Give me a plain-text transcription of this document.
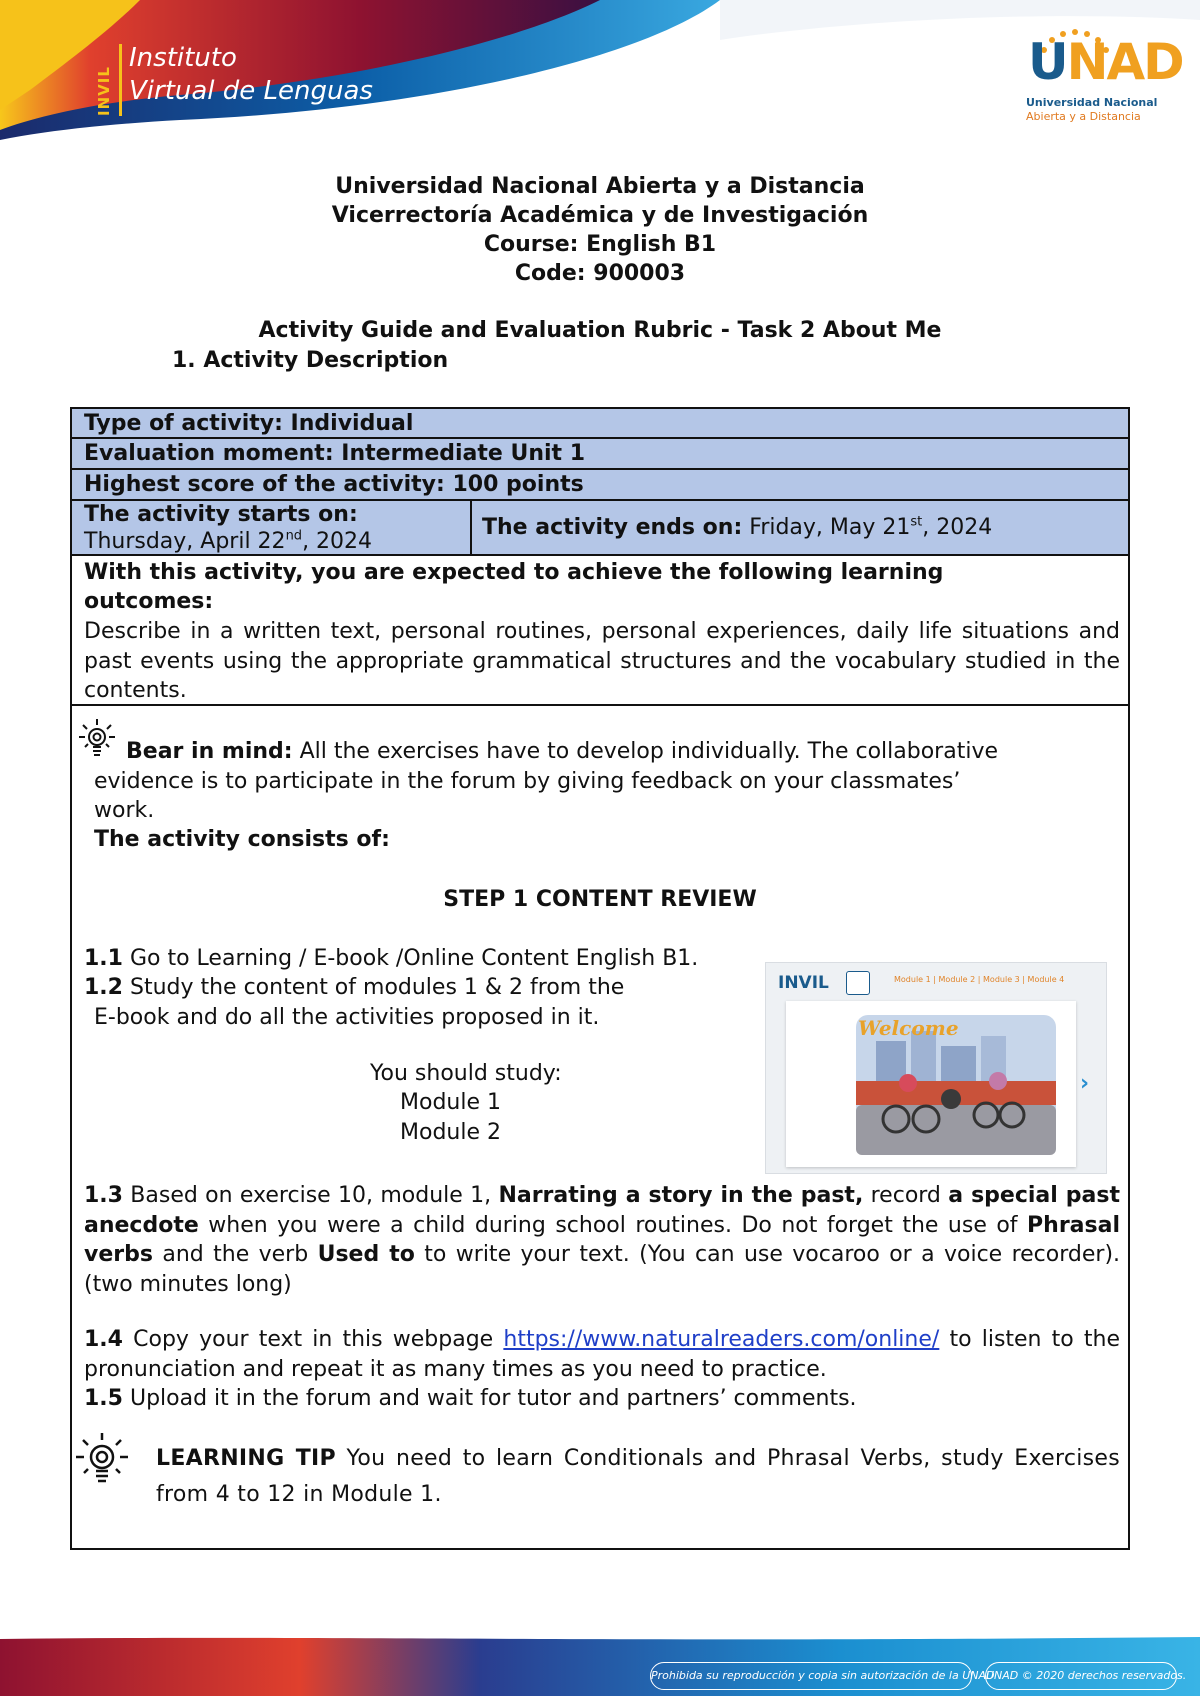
INVIL
Instituto
Virtual de Lenguas	UNAD
Universidad Nacional
Abierta y a Distancia
Universidad Nacional Abierta y a Distancia
Vicerrectoría Académica y de Investigación
Course: English B1
Code: 900003
Activity Guide and Evaluation Rubric - Task 2 About Me
1. Activity Description
Type of activity: Individual
Evaluation moment: Intermediate Unit 1
Highest score of the activity: 100 points
The activity starts on:
Thursday, April 22nd, 2024
The activity ends on: Friday, May 21st, 2024
With this activity, you are expected to achieve the following learning
outcomes:
Describe in a written text, personal routines, personal experiences, daily life situations and past events using the appropriate grammatical structures and the vocabulary studied in the contents.
Bear in mind: All the exercises have to develop individually. The collaborative
evidence is to participate in the forum by giving feedback on your classmates’
work.
The activity consists of:
STEP 1 CONTENT REVIEW
1.1 Go to Learning / E-book /Online Content English B1.
1.2 Study the content of modules 1 & 2 from the
E-book and do all the activities proposed in it.
You should study:
Module 1
Module 2
1.3 Based on exercise 10, module 1, Narrating a story in the past, record a special past anecdote when you were a child during school routines. Do not forget the use of Phrasal verbs and the verb Used to to write your text. (You can use vocaroo or a voice recorder). (two minutes long)
1.4 Copy your text in this webpage https://www.naturalreaders.com/online/ to listen to the pronunciation and repeat it as many times as you need to practice.
1.5 Upload it in the forum and wait for tutor and partners’ comments.
LEARNING TIP You need to learn Conditionals and Phrasal Verbs, study Exercises from 4 to 12 in Module 1.
INVIL	Module 1 | Module 2 | Module 3 | Module 4
Welcome
›
Prohibida su reproducción y copia sin autorización de la UNAD
UNAD © 2020 derechos reservados.
